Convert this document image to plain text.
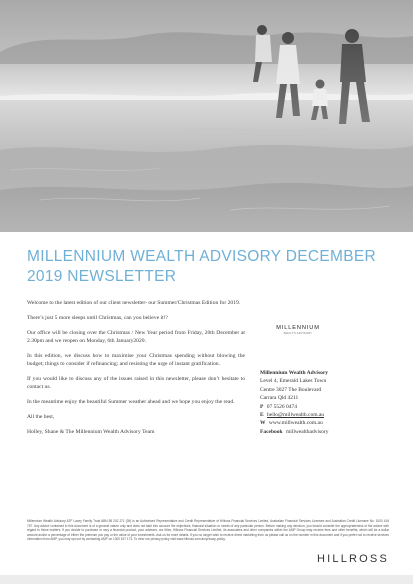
MILLENNIUM WEALTH ADVISORY DECEMBER 2019 NEWSLETTER

Welcome to the latest edition of our client newsletter- our Summer/Christmas Edition for 2019.

There’s just 5 more sleeps until Christmas, can you believe it!?

Our office will be closing over the Christmas / New Year period from Friday, 20th December at 2.30pm and we reopen on Monday, 6th January2020.

In this edition, we discuss how to maximise your Christmas spending without blowing the budget; things to consider if refinancing; and resisting the urge of instant gratification.

If you would like to discuss any of the issues raised in this newsletter, please don’t hesitate to contact us.

In the meantime enjoy the beautiful Summer weather ahead and we hope you enjoy the read.

All the best,

Holley, Shane & The Millennium Wealth Advisory Team

MILLENNIUM
WEALTH ADVISORY
Millennium Wealth Advisory
Level 4, Emerald Lakes Town
Centre 3027 The Boulevard
Carrara Qld 4211
P 07 5526 0474
E hello@millwealth.com.au
W www.millwealth.com.au
Facebook millwealthadvisory
Millennium Wealth Advisory ATF Lacey Family Trust ABN 58 242 271 (39) is an Authorised Representative and Credit Representative of Hillross Financial Services Limited, Australian Financial Services Licensee and Australian Credit Licensee No. 1000 416 757. Any advice contained in this document is of a general nature only and does not take into account the objectives, financial situation or needs of any particular person. Before making any decision, you should consider the appropriateness of the advice with regard to those matters. If you decide to purchase or vary a financial product, your advisers, our titles, Hillross Financial Services Limited, its associates and other companies within the AMP Group may receive fees and other benefits, which will be a dollar amount and/or a percentage of either the premium you pay or the value of your investments. Ask us for more details. If you no longer wish to receive direct marketing from us please call us on the number in this document and if you prefer not to receive services information from AMP, you may opt out by contacting AMP on 1300 157 173. To view our privacy policy visit www.hillross.com.au/privacy-policy.
HILLROSS
